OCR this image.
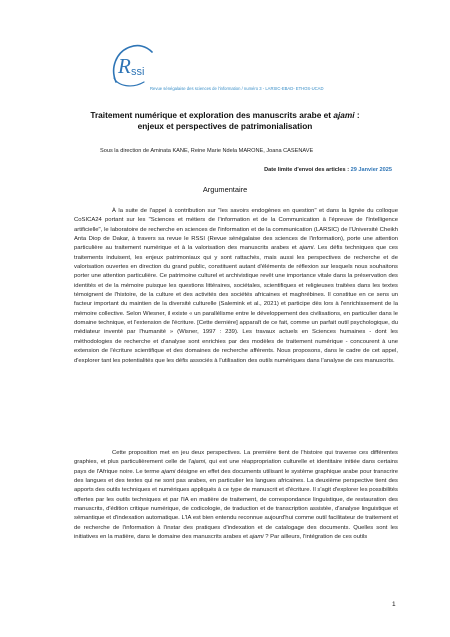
R ssi
Revue sénégalaise des sciences de l'information / numéro 3 - LARSIC-EBAD- ETHOS-UCAD
Traitement numérique et exploration des manuscrits arabe et ajami :
enjeux et perspectives de patrimonialisation
Sous la direction de Aminata KANE, Reine Marie Ndela MARONE, Joana CASENAVE
Date limite d'envoi des articles : 29 Janvier 2025
Argumentaire
À la suite de l'appel à contribution sur "les savoirs endogènes en question" et dans la lignée du colloque CoSICA24 portant sur les "Sciences et métiers de l'information et de la Communication à l'épreuve de l'Intelligence artificielle", le laboratoire de recherche en sciences de l'information et de la communication (LARSIC) de l'Université Cheikh Anta Diop de Dakar, à travers sa revue le RSSI (Revue sénégalaise des sciences de l'information), porte une attention particulière au traitement numérique et à la valorisation des manuscrits arabes et ajami. Les défis techniques que ces traitements induisent, les enjeux patrimoniaux qui y sont rattachés, mais aussi les perspectives de recherche et de valorisation ouvertes en direction du grand public, constituent autant d'éléments de réflexion sur lesquels nous souhaitons porter une attention particulière. Ce patrimoine culturel et archivistique revêt une importance vitale dans la préservation des identités et de la mémoire puisque les questions littéraires, sociétales, scientifiques et religieuses traitées dans les textes témoignent de l'histoire, de la culture et des activités des sociétés africaines et maghrébines. Il constitue en ce sens un facteur important du maintien de la diversité culturelle (Salemink et al., 2021) et participe dès lors à l'enrichissement de la mémoire collective. Selon Wiesner, il existe « un parallélisme entre le développement des civilisations, en particulier dans le domaine technique, et l'extension de l'écriture. [Cette dernière] apparaît de ce fait, comme un parfait outil psychologique, du médiateur inventé par l'humanité » (Wisner, 1997 : 239). Les travaux actuels en Sciences humaines - dont les méthodologies de recherche et d'analyse sont enrichies par des modèles de traitement numérique - concourent à une extension de l'écriture scientifique et des domaines de recherche afférents. Nous proposons, dans le cadre de cet appel, d'explorer tant les potentialités que les défis associés à l'utilisation des outils numériques dans l'analyse de ces manuscrits.
Cette proposition met en jeu deux perspectives. La première tient de l'histoire qui traverse ces différentes graphies, et plus particulièrement celle de l'ajami, qui est une réappropriation culturelle et identitaire initiée dans certains pays de l'Afrique noire. Le terme ajami désigne en effet des documents utilisant le système graphique arabe pour transcrire des langues et des textes qui ne sont pas arabes, en particulier les langues africaines. La deuxième perspective tient des apports des outils techniques et numériques appliqués à ce type de manuscrit et d'écriture. Il s'agit d'explorer les possibilités offertes par les outils techniques et par l'IA en matière de traitement, de correspondance linguistique, de restauration des manuscrits, d'édition critique numérique, de codicologie, de traduction et de transcription assistée, d'analyse linguistique et sémantique et d'indexation automatique. L'IA est bien entendu reconnue aujourd'hui comme outil facilitateur de traitement et de recherche de l'information à l'instar des pratiques d'indexation et de catalogage des documents. Quelles sont les initiatives en la matière, dans le domaine des manuscrits arabes et ajami ? Par ailleurs, l'intégration de ces outils
1
